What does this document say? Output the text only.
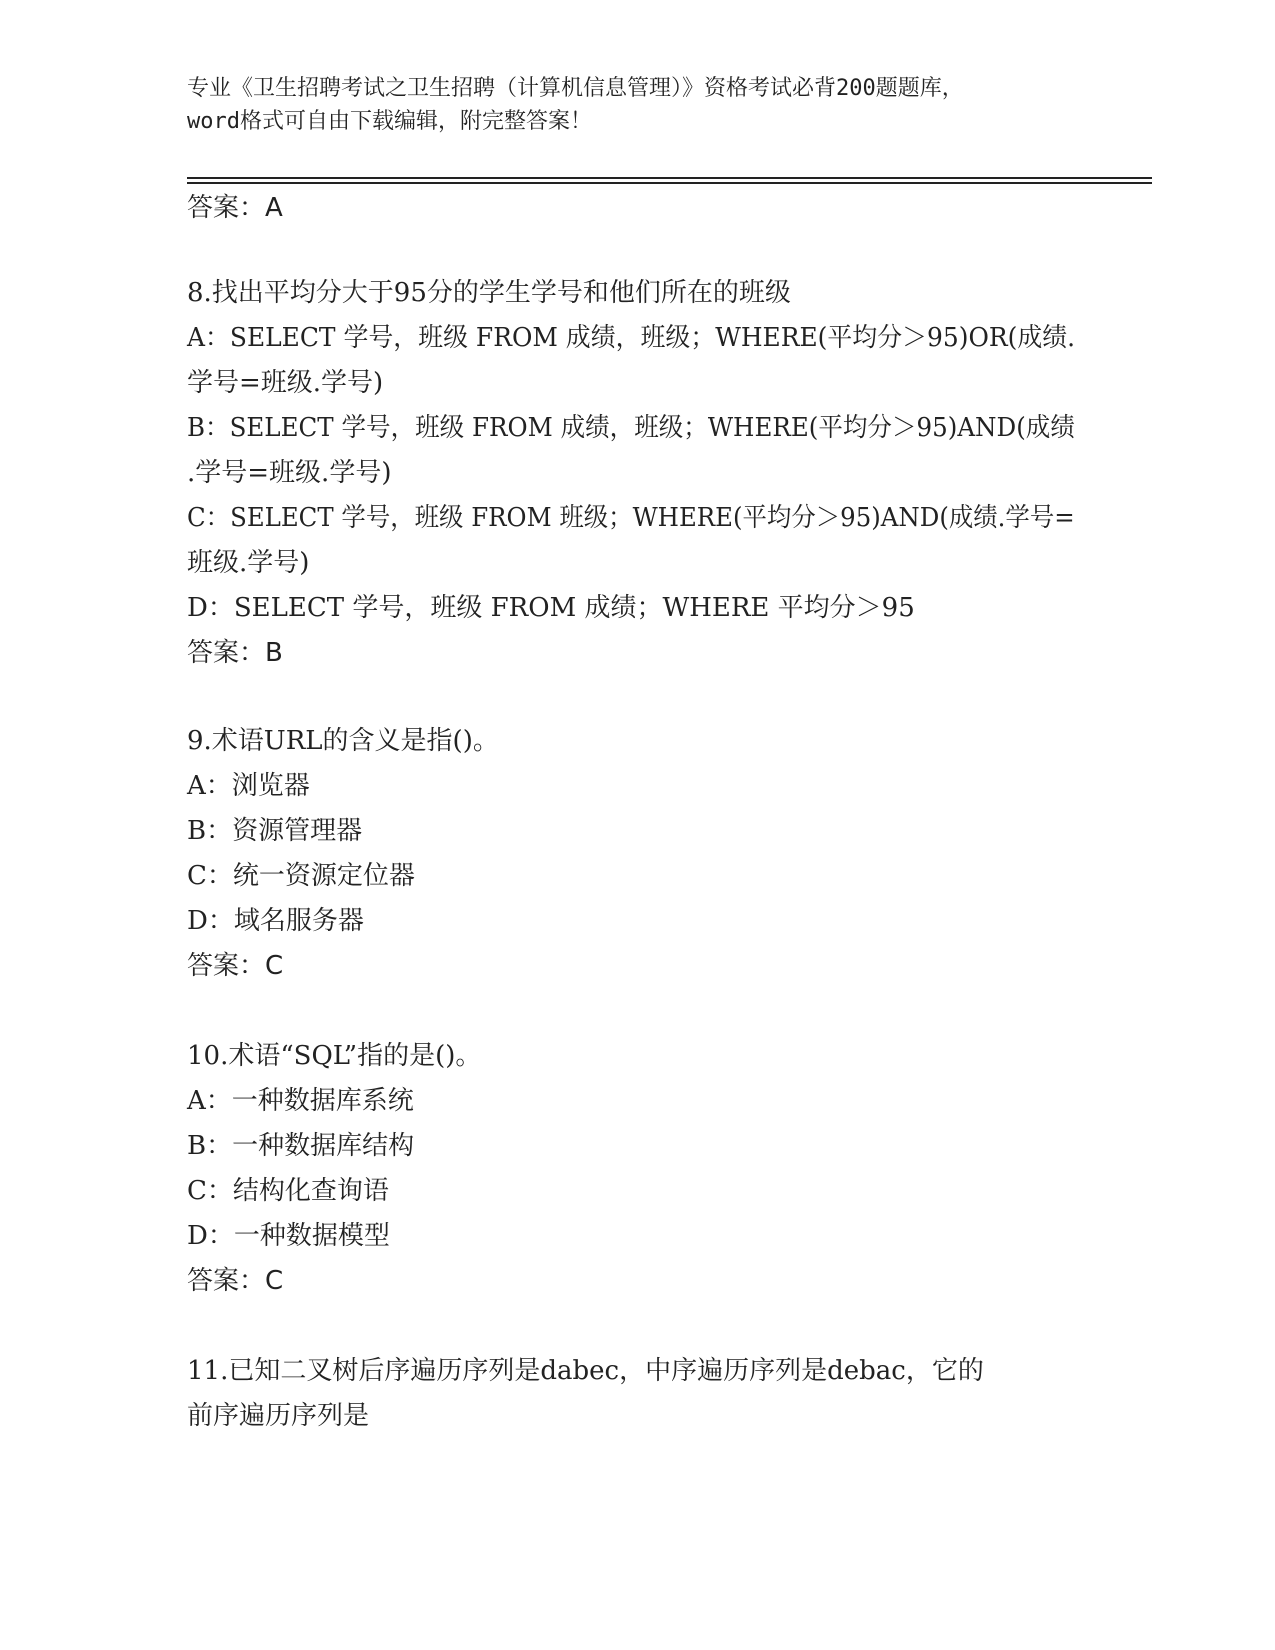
专业《卫生招聘考试之卫生招聘（计算机信息管理）》资格考试必背200题题库，
word格式可自由下载编辑，附完整答案！
答案：A
8.找出平均分大于95分的学生学号和他们所在的班级
A：SELECT 学号，班级 FROM 成绩，班级；WHERE(平均分＞95)OR(成绩.
学号=班级.学号)
B：SELECT 学号，班级 FROM 成绩，班级；WHERE(平均分＞95)AND(成绩
.学号=班级.学号)
C：SELECT 学号，班级 FROM 班级；WHERE(平均分＞95)AND(成绩.学号=
班级.学号)
D：SELECT 学号，班级 FROM 成绩；WHERE 平均分＞95
答案：B
9.术语URL的含义是指()。
A：浏览器
B：资源管理器
C：统一资源定位器
D：域名服务器
答案：C
10.术语“SQL”指的是()。
A：一种数据库系统
B：一种数据库结构
C：结构化查询语
D：一种数据模型
答案：C
11.已知二叉树后序遍历序列是dabec，中序遍历序列是debac，它的
前序遍历序列是
